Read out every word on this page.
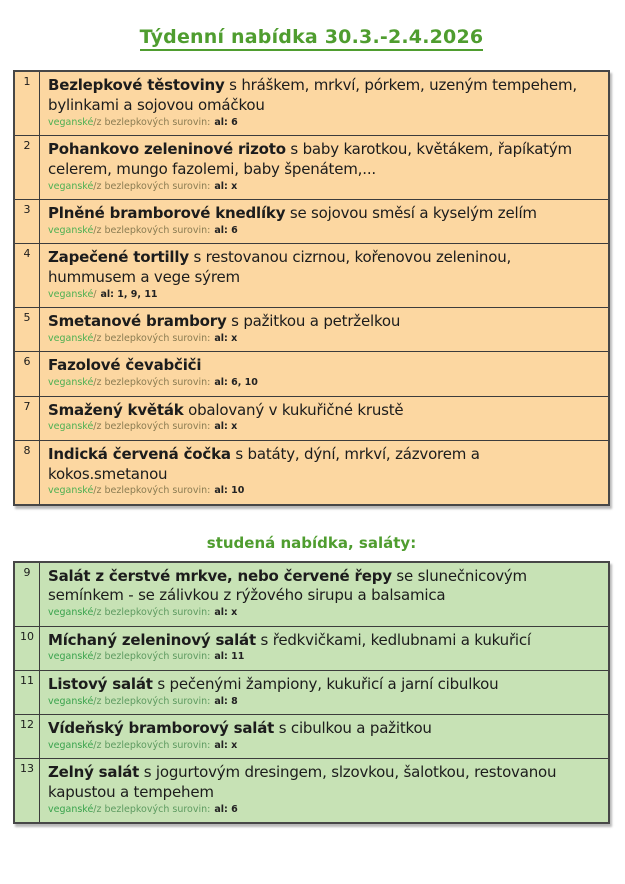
Týdenní nabídka 30.3.-2.4.2026
1	Bezlepkové těstoviny s hráškem, mrkví, pórkem, uzeným tempehem, bylinkami a sojovou omáčkou
veganské/z bezlepkových surovin: al: 6

2	Pohankovo zeleninové rizoto s baby karotkou, květákem, řapíkatým celerem, mungo fazolemi, baby špenátem,...
veganské/z bezlepkových surovin: al: x

3	Plněné bramborové knedlíky se sojovou směsí a kyselým zelím
veganské/z bezlepkových surovin: al: 6

4	Zapečené tortilly s restovanou cizrnou, kořenovou zeleninou, hummusem a vege sýrem
veganské/ al: 1, 9, 11

5	Smetanové brambory s pažitkou a petrželkou
veganské/z bezlepkových surovin: al: x

6	Fazolové čevabčiči
veganské/z bezlepkových surovin: al: 6, 10

7	Smažený květák obalovaný v kukuřičné krustě
veganské/z bezlepkových surovin: al: x

8	Indická červená čočka s batáty, dýní, mrkví, zázvorem a kokos.smetanou
veganské/z bezlepkových surovin: al: 10
studená nabídka, saláty:
9	Salát z čerstvé mrkve, nebo červené řepy se slunečnicovým semínkem - se zálivkou z rýžového sirupu a balsamica
veganské/z bezlepkových surovin: al: x

10	Míchaný zeleninový salát s ředkvičkami, kedlubnami a kukuřicí
veganské/z bezlepkových surovin: al: 11

11	Listový salát s pečenými žampiony, kukuřicí a jarní cibulkou
veganské/z bezlepkových surovin: al: 8

12	Vídeňský bramborový salát s cibulkou a pažitkou
veganské/z bezlepkových surovin: al: x

13	Zelný salát s jogurtovým dresingem, slzovkou, šalotkou, restovanou kapustou a tempehem
veganské/z bezlepkových surovin: al: 6
